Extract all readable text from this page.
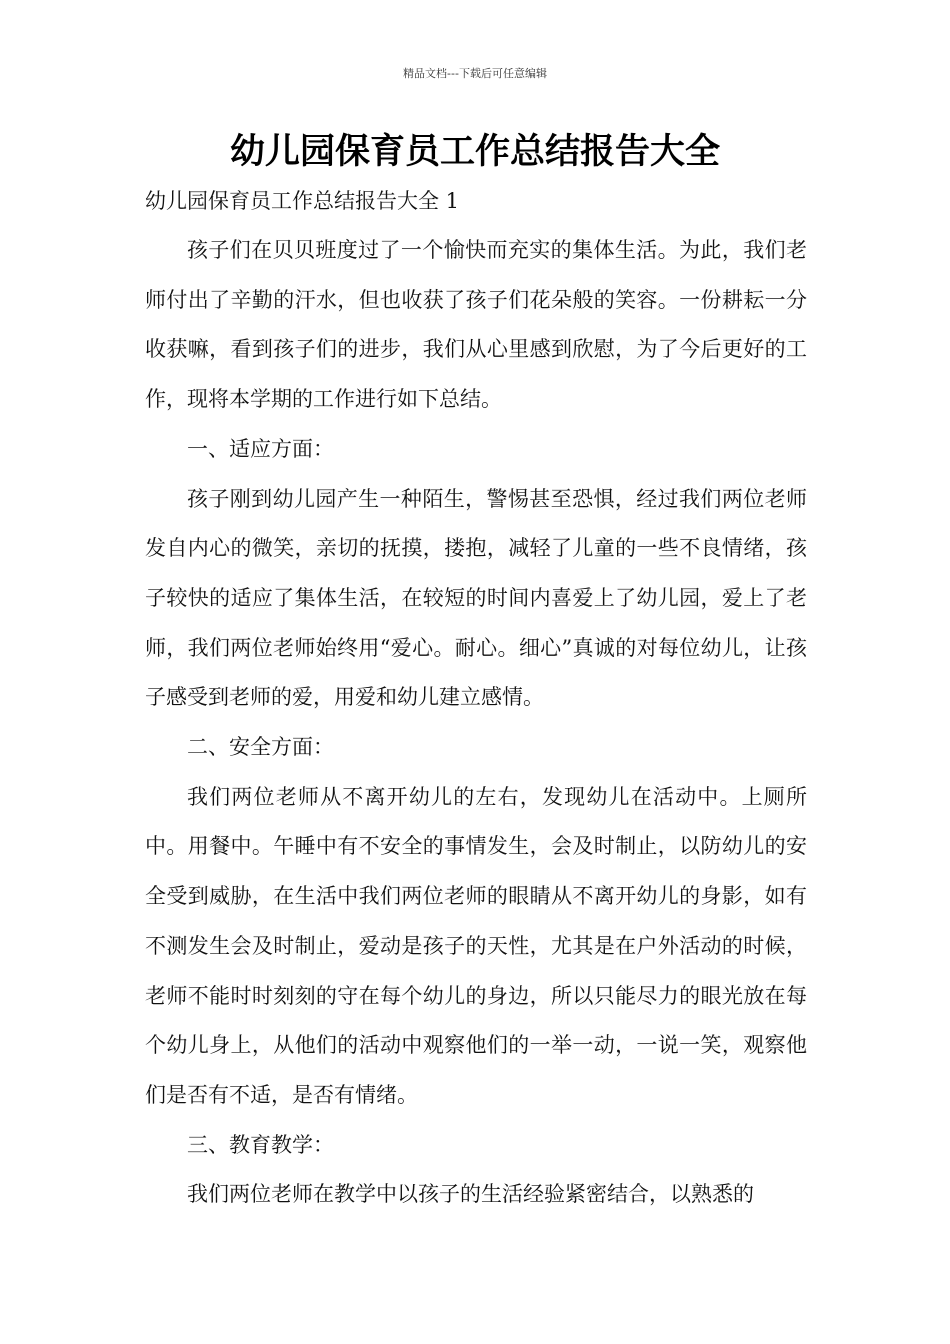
精品文档---下载后可任意编辑
幼儿园保育员工作总结报告大全
幼儿园保育员工作总结报告大全 1

孩子们在贝贝班度过了一个愉快而充实的集体生活。为此，我们老师付出了辛勤的汗水，但也收获了孩子们花朵般的笑容。一份耕耘一分收获嘛，看到孩子们的进步，我们从心里感到欣慰，为了今后更好的工作，现将本学期的工作进行如下总结。

一、适应方面：

孩子刚到幼儿园产生一种陌生，警惕甚至恐惧，经过我们两位老师发自内心的微笑，亲切的抚摸，搂抱，减轻了儿童的一些不良情绪，孩子较快的适应了集体生活，在较短的时间内喜爱上了幼儿园，爱上了老师，我们两位老师始终用“爱心。耐心。细心”真诚的对每位幼儿，让孩子感受到老师的爱，用爱和幼儿建立感情。

二、安全方面：

我们两位老师从不离开幼儿的左右，发现幼儿在活动中。上厕所中。用餐中。午睡中有不安全的事情发生，会及时制止，以防幼儿的安全受到威胁，在生活中我们两位老师的眼睛从不离开幼儿的身影，如有不测发生会及时制止，爱动是孩子的天性，尤其是在户外活动的时候，老师不能时时刻刻的守在每个幼儿的身边，所以只能尽力的眼光放在每个幼儿身上，从他们的活动中观察他们的一举一动，一说一笑，观察他们是否有不适，是否有情绪。

三、教育教学：

我们两位老师在教学中以孩子的生活经验紧密结合，以熟悉的
